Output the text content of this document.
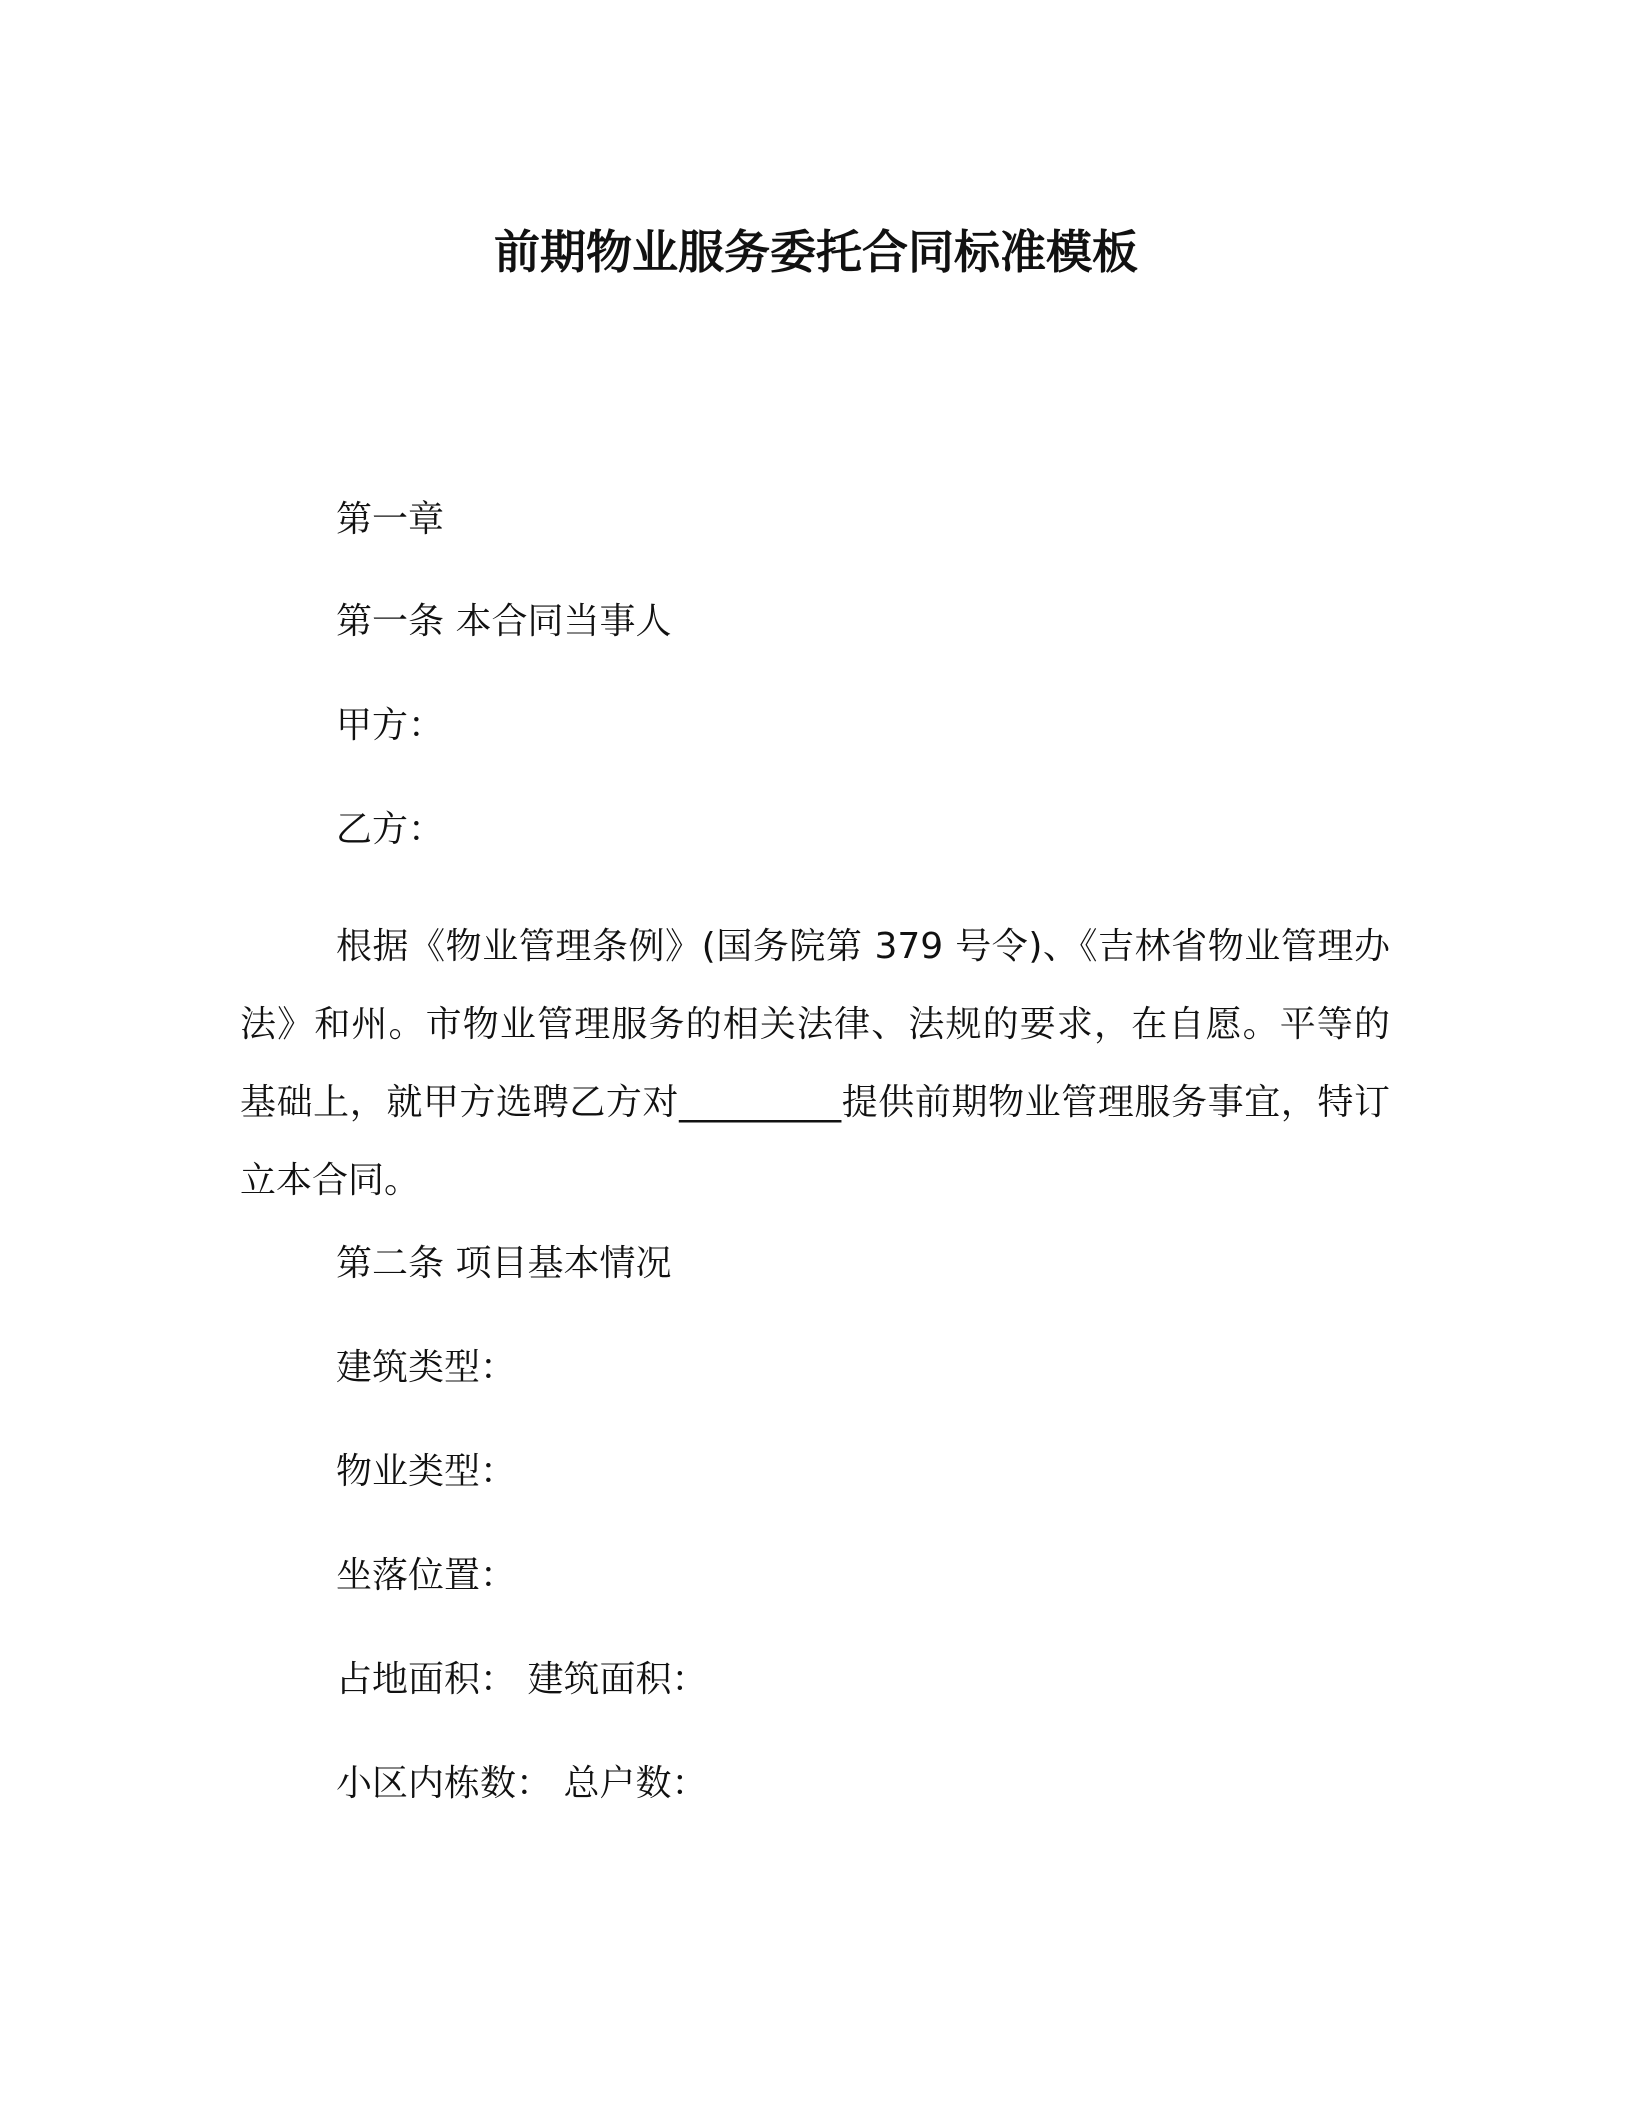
前期物业服务委托合同标准模板

第一章

第一条 本合同当事人

甲方：

乙方：

根据《物业管理条例》(国务院第 379 号令)、《吉林省物业管理办法》和州。市物业管理服务的相关法律、法规的要求，在自愿。平等的基础上，就甲方选聘乙方对_________提供前期物业管理服务事宜，特订立本合同。

第二条 项目基本情况

建筑类型：

物业类型：

坐落位置：

占地面积： 建筑面积：

小区内栋数： 总户数：
